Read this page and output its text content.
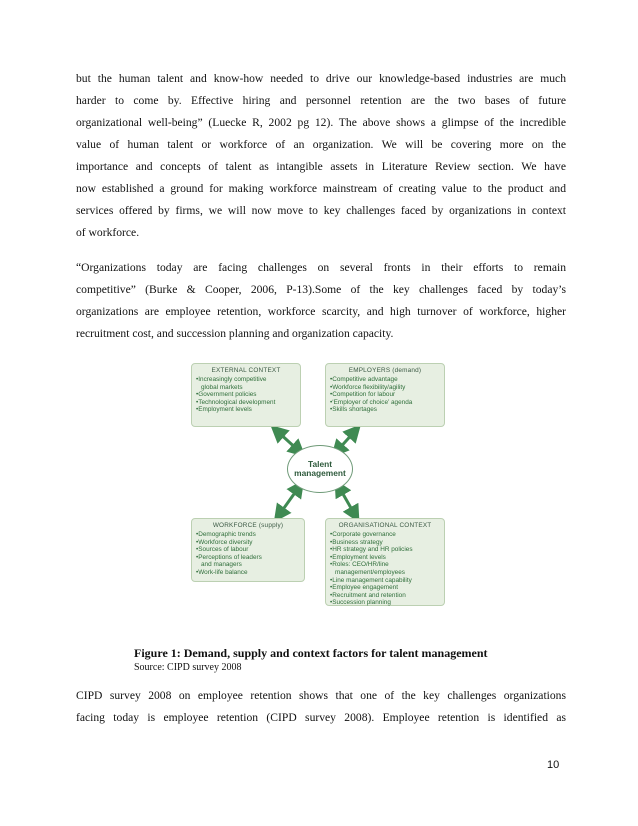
but the human talent and know-how needed to drive our knowledge-based industries are much
harder to come by. Effective hiring and personnel retention are the two bases of future
organizational well-being” (Luecke R, 2002 pg 12). The above shows a glimpse of the incredible
value of human talent or workforce of an organization. We will be covering more on the
importance and concepts of talent as intangible assets in Literature Review section. We have
now established a ground for making workforce mainstream of creating value to the product and
services offered by firms, we will now move to key challenges faced by organizations in context
of workforce.
“Organizations today are facing challenges on several fronts in their efforts to remain
competitive” (Burke & Cooper, 2006, P-13).Some of the key challenges faced by today’s
organizations are employee retention, workforce scarcity, and high turnover of workforce, higher
recruitment cost, and succession planning and organization capacity.
EXTERNAL CONTEXT
• Increasingly competitive
global markets
• Government policies
• Technological development
• Employment levels
EMPLOYERS (demand)
• Competitive advantage
• Workforce flexibility/agility
• Competition for labour
• ‘Employer of choice’ agenda
• Skills shortages
Talent
management
WORKFORCE (supply)
• Demographic trends
• Workforce diversity
• Sources of labour
• Perceptions of leaders
and managers
• Work-life balance
ORGANISATIONAL CONTEXT
• Corporate governance
• Business strategy
• HR strategy and HR policies
• Employment levels
• Roles: CEO/HR/line
management/employees
• Line management capability
• Employee engagement
• Recruitment and retention
• Succession planning
Figure 1: Demand, supply and context factors for talent management
Source: CIPD survey 2008
CIPD survey 2008 on employee retention shows that one of the key challenges organizations
facing today is employee retention (CIPD survey 2008). Employee retention is identified as
10
